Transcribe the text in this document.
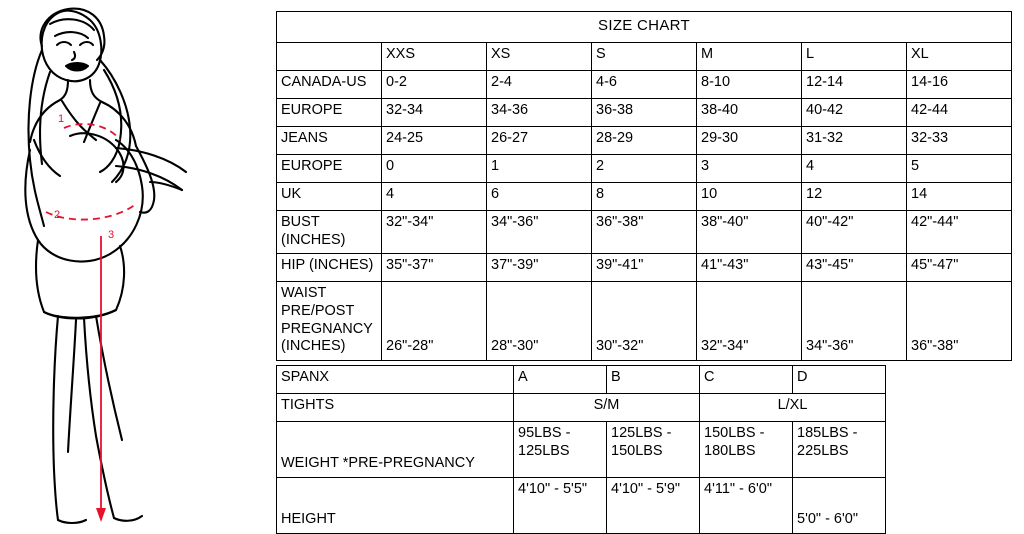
1
2
3
SIZE CHART						
	XXS	XS	S	M	L	XL
CANADA-US	0-2	2-4	4-6	8-10	12-14	14-16
EUROPE	32-34	34-36	36-38	38-40	40-42	42-44
JEANS	24-25	26-27	28-29	29-30	31-32	32-33
EUROPE	0	1	2	3	4	5
UK	4	6	8	10	12	14
BUST (INCHES)	32"-34"	34"-36"	36"-38"	38"-40"	40"-42"	42"-44"
HIP (INCHES)	35"-37"	37"-39"	39"-41"	41"-43"	43"-45"	45"-47"
WAIST PRE/POST PREGNANCY (INCHES)	26"-28"	28"-30"	30"-32"	32"-34"	34"-36"	36"-38"
SPANX	A	B	C	D
TIGHTS	S/M		L/XL	
WEIGHT *PRE-PREGNANCY	95LBS - 125LBS	125LBS - 150LBS	150LBS - 180LBS	185LBS - 225LBS
HEIGHT	4'10" - 5'5"	4'10" - 5'9"	4'11" - 6'0"	5'0" - 6'0"
